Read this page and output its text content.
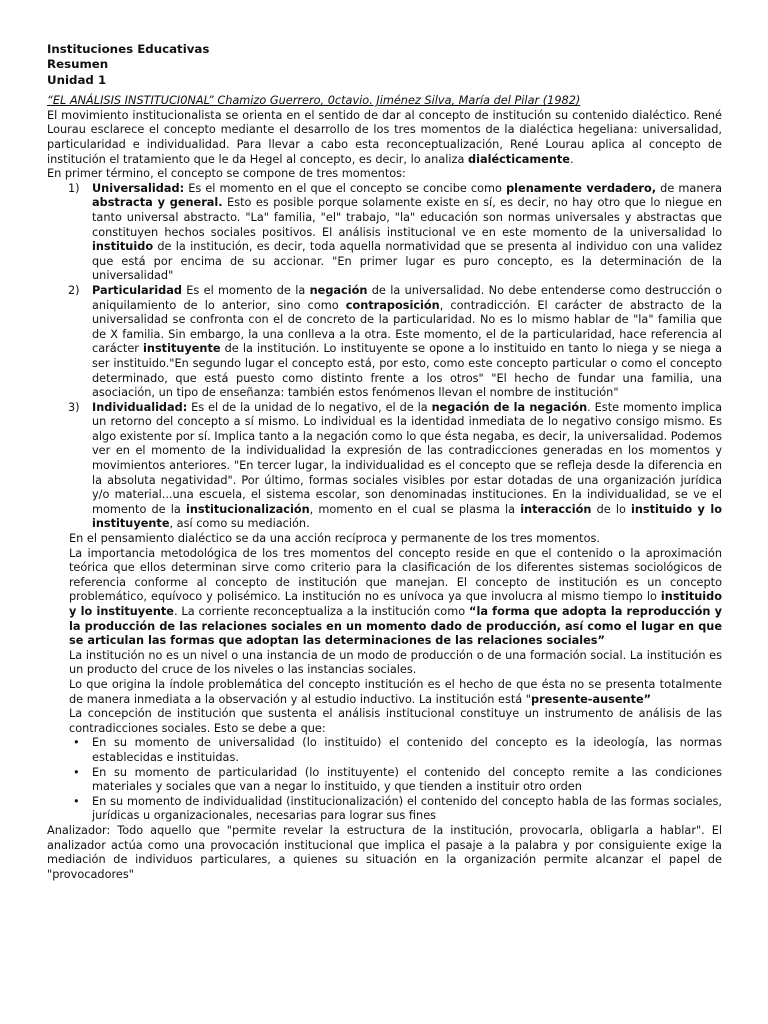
Instituciones Educativas
Resumen
Unidad 1

“EL ANÁLISIS INSTITUCI0NAL” Chamizo Guerrero, 0ctavio. Jiménez Silva, María del Pilar (1982)

El movimiento institucionalista se orienta en el sentido de dar al concepto de institución su contenido dialéctico. René Lourau esclarece el concepto mediante el desarrollo de los tres momentos de la dialéctica hegeliana: universalidad, particularidad e individualidad. Para llevar a cabo esta reconceptualización, René Lourau aplica al concepto de institución el tratamiento que le da Hegel al concepto, es decir, lo analiza dialécticamente.

En primer término, el concepto se compone de tres momentos:

1) Universalidad: Es el momento en el que el concepto se concibe como plenamente verdadero, de manera abstracta y general. Esto es posible porque solamente existe en sí, es decir, no hay otro que lo niegue en tanto universal abstracto. "La" familia, "el" trabajo, "la" educación son normas universales y abstractas que constituyen hechos sociales positivos. El análisis institucional ve en este momento de la universalidad lo instituido de la institución, es decir, toda aquella normatividad que se presenta al individuo con una validez que está por encima de su accionar. "En primer lugar es puro concepto, es la determinación de la universalidad"
2) Particularidad Es el momento de la negación de la universalidad. No debe entenderse como destrucción o aniquilamiento de lo anterior, sino como contraposición, contradicción. El carácter de abstracto de la universalidad se confronta con el de concreto de la particularidad. No es lo mismo hablar de "la" familia que de X familia. Sin embargo, la una conlleva a la otra. Este momento, el de la particularidad, hace referencia al carácter instituyente de la institución. Lo instituyente se opone a lo instituido en tanto lo niega y se niega a ser instituido."En segundo lugar el concepto está, por esto, como este concepto particular o como el concepto determinado, que está puesto como distinto frente a los otros" "El hecho de fundar una familia, una asociación, un tipo de enseñanza: también estos fenómenos llevan el nombre de institución"
3) Individualidad: Es el de la unidad de lo negativo, el de la negación de la negación. Este momento implica un retorno del concepto a sí mismo. Lo individual es la identidad inmediata de lo negativo consigo mismo. Es algo existente por sí. Implica tanto a la negación como lo que ésta negaba, es decir, la universalidad. Podemos ver en el momento de la individualidad la expresión de las contradicciones generadas en los momentos y movimientos anteriores. "En tercer lugar, la individualidad es el concepto que se refleja desde la diferencia en la absoluta negatividad". Por último, formas sociales visibles por estar dotadas de una organización jurídica y/o material...una escuela, el sistema escolar, son denominadas instituciones. En la individualidad, se ve el momento de la institucionalización, momento en el cual se plasma la interacción de lo instituido y lo instituyente, así como su mediación.

En el pensamiento dialéctico se da una acción recíproca y permanente de los tres momentos.

La importancia metodológica de los tres momentos del concepto reside en que el contenido o la aproximación teórica que ellos determinan sirve como criterio para la clasificación de los diferentes sistemas sociológicos de referencia conforme al concepto de institución que manejan. El concepto de institución es un concepto problemático, equívoco y polisémico. La institución no es unívoca ya que involucra al mismo tiempo lo instituido y lo instituyente. La corriente reconceptualiza a la institución como “la forma que adopta la reproducción y la producción de las relaciones sociales en un momento dado de producción, así como el lugar en que se articulan las formas que adoptan las determinaciones de las relaciones sociales”

La institución no es un nivel o una instancia de un modo de producción o de una formación social. La institución es un producto del cruce de los niveles o las instancias sociales.

Lo que origina la índole problemática del concepto institución es el hecho de que ésta no se presenta totalmente de manera inmediata a la observación y al estudio inductivo. La institución está "presente-ausente”

La concepción de institución que sustenta el análisis institucional constituye un instrumento de análisis de las contradicciones sociales. Esto se debe a que:

• En su momento de universalidad (lo instituido) el contenido del concepto es la ideología, las normas establecidas e instituidas.
• En su momento de particularidad (lo instituyente) el contenido del concepto remite a las condiciones materiales y sociales que van a negar lo instituido, y que tienden a instituir otro orden
• En su momento de individualidad (institucionalización) el contenido del concepto habla de las formas sociales, jurídicas u organizacionales, necesarias para lograr sus fines

Analizador: Todo aquello que "permite revelar la estructura de la institución, provocarla, obligarla a hablar". El analizador actúa como una provocación institucional que implica el pasaje a la palabra y por consiguiente exige la mediación de individuos particulares, a quienes su situación en la organización permite alcanzar el papel de "provocadores"
